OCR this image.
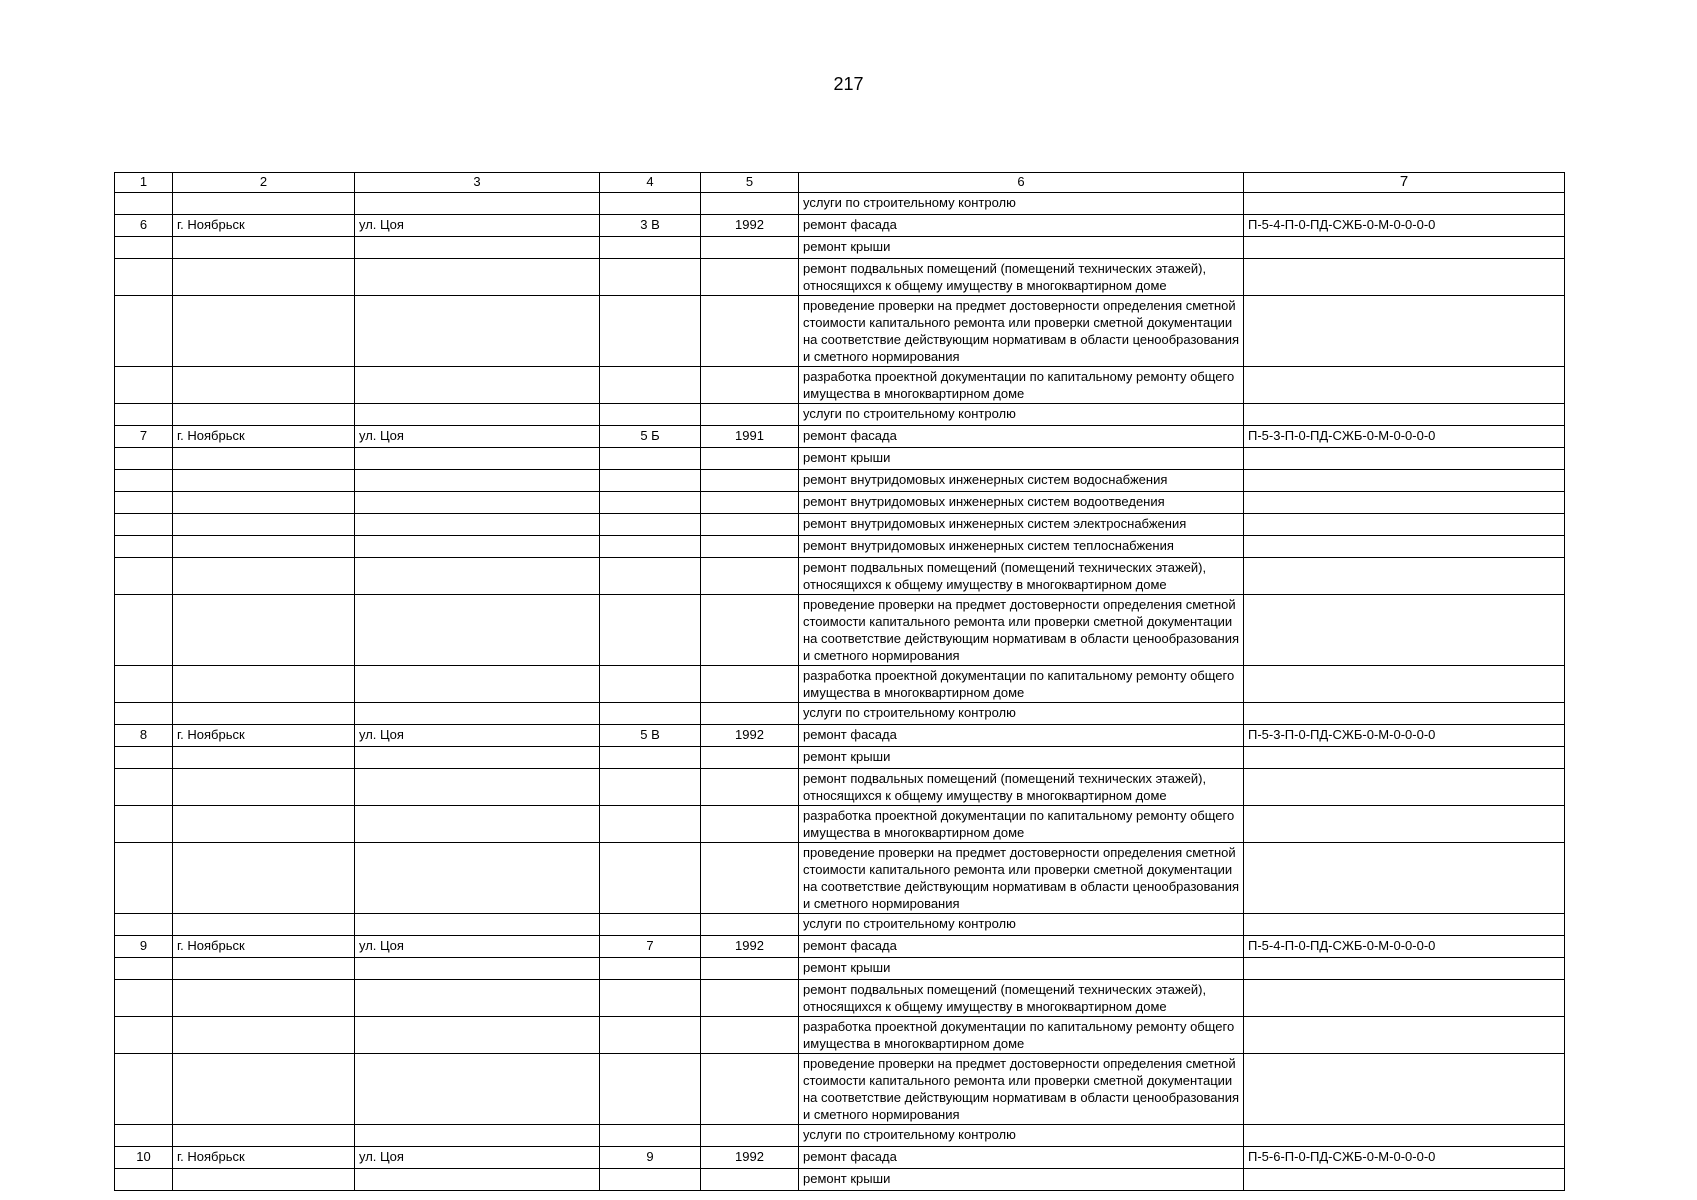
217
1	2	3	4	5	6	7
					услуги по строительному контролю	
6	г. Ноябрьск	ул. Цоя	3 В	1992	ремонт фасада	П-5-4-П-0-ПД-СЖБ-0-М-0-0-0-0
					ремонт крыши	
					ремонт подвальных помещений (помещений технических этажей), относящихся к общему имуществу в многоквартирном доме	
					проведение проверки на предмет достоверности определения сметной стоимости капитального ремонта или проверки сметной документации на соответствие действующим нормативам в области ценообразования и сметного нормирования	
					разработка проектной документации по капитальному ремонту общего имущества в многоквартирном доме	
					услуги по строительному контролю	
7	г. Ноябрьск	ул. Цоя	5 Б	1991	ремонт фасада	П-5-3-П-0-ПД-СЖБ-0-М-0-0-0-0
					ремонт крыши	
					ремонт внутридомовых инженерных систем водоснабжения	
					ремонт внутридомовых инженерных систем водоотведения	
					ремонт внутридомовых инженерных систем электроснабжения	
					ремонт внутридомовых инженерных систем теплоснабжения	
					ремонт подвальных помещений (помещений технических этажей), относящихся к общему имуществу в многоквартирном доме	
					проведение проверки на предмет достоверности определения сметной стоимости капитального ремонта или проверки сметной документации на соответствие действующим нормативам в области ценообразования и сметного нормирования	
					разработка проектной документации по капитальному ремонту общего имущества в многоквартирном доме	
					услуги по строительному контролю	
8	г. Ноябрьск	ул. Цоя	5 В	1992	ремонт фасада	П-5-3-П-0-ПД-СЖБ-0-М-0-0-0-0
					ремонт крыши	
					ремонт подвальных помещений (помещений технических этажей), относящихся к общему имуществу в многоквартирном доме	
					разработка проектной документации по капитальному ремонту общего имущества в многоквартирном доме	
					проведение проверки на предмет достоверности определения сметной стоимости капитального ремонта или проверки сметной документации на соответствие действующим нормативам в области ценообразования и сметного нормирования	
					услуги по строительному контролю	
9	г. Ноябрьск	ул. Цоя	7	1992	ремонт фасада	П-5-4-П-0-ПД-СЖБ-0-М-0-0-0-0
					ремонт крыши	
					ремонт подвальных помещений (помещений технических этажей), относящихся к общему имуществу в многоквартирном доме	
					разработка проектной документации по капитальному ремонту общего имущества в многоквартирном доме	
					проведение проверки на предмет достоверности определения сметной стоимости капитального ремонта или проверки сметной документации на соответствие действующим нормативам в области ценообразования и сметного нормирования	
					услуги по строительному контролю	
10	г. Ноябрьск	ул. Цоя	9	1992	ремонт фасада	П-5-6-П-0-ПД-СЖБ-0-М-0-0-0-0
					ремонт крыши	
